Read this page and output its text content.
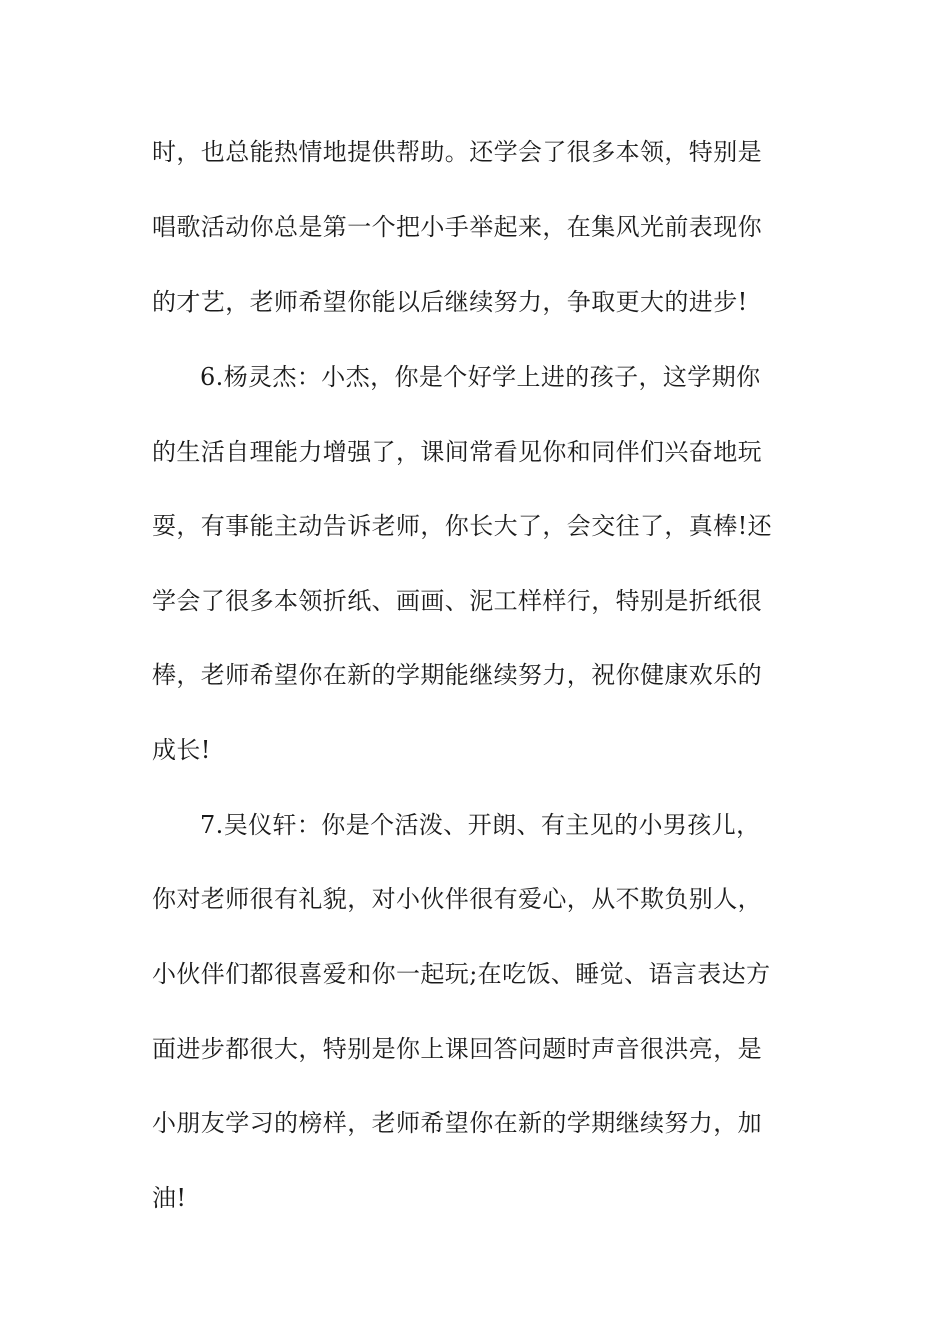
时，也总能热情地提供帮助。还学会了很多本领，特别是
唱歌活动你总是第一个把小手举起来，在集风光前表现你
的才艺，老师希望你能以后继续努力，争取更大的进步!
6.杨灵杰：小杰，你是个好学上进的孩子，这学期你
的生活自理能力增强了，课间常看见你和同伴们兴奋地玩
耍，有事能主动告诉老师，你长大了，会交往了，真棒!还
学会了很多本领折纸、画画、泥工样样行，特别是折纸很
棒，老师希望你在新的学期能继续努力，祝你健康欢乐的
成长!
7.吴仪轩：你是个活泼、开朗、有主见的小男孩儿，
你对老师很有礼貌，对小伙伴很有爱心，从不欺负别人，
小伙伴们都很喜爱和你一起玩;在吃饭、睡觉、语言表达方
面进步都很大，特别是你上课回答问题时声音很洪亮，是
小朋友学习的榜样，老师希望你在新的学期继续努力，加
油!
